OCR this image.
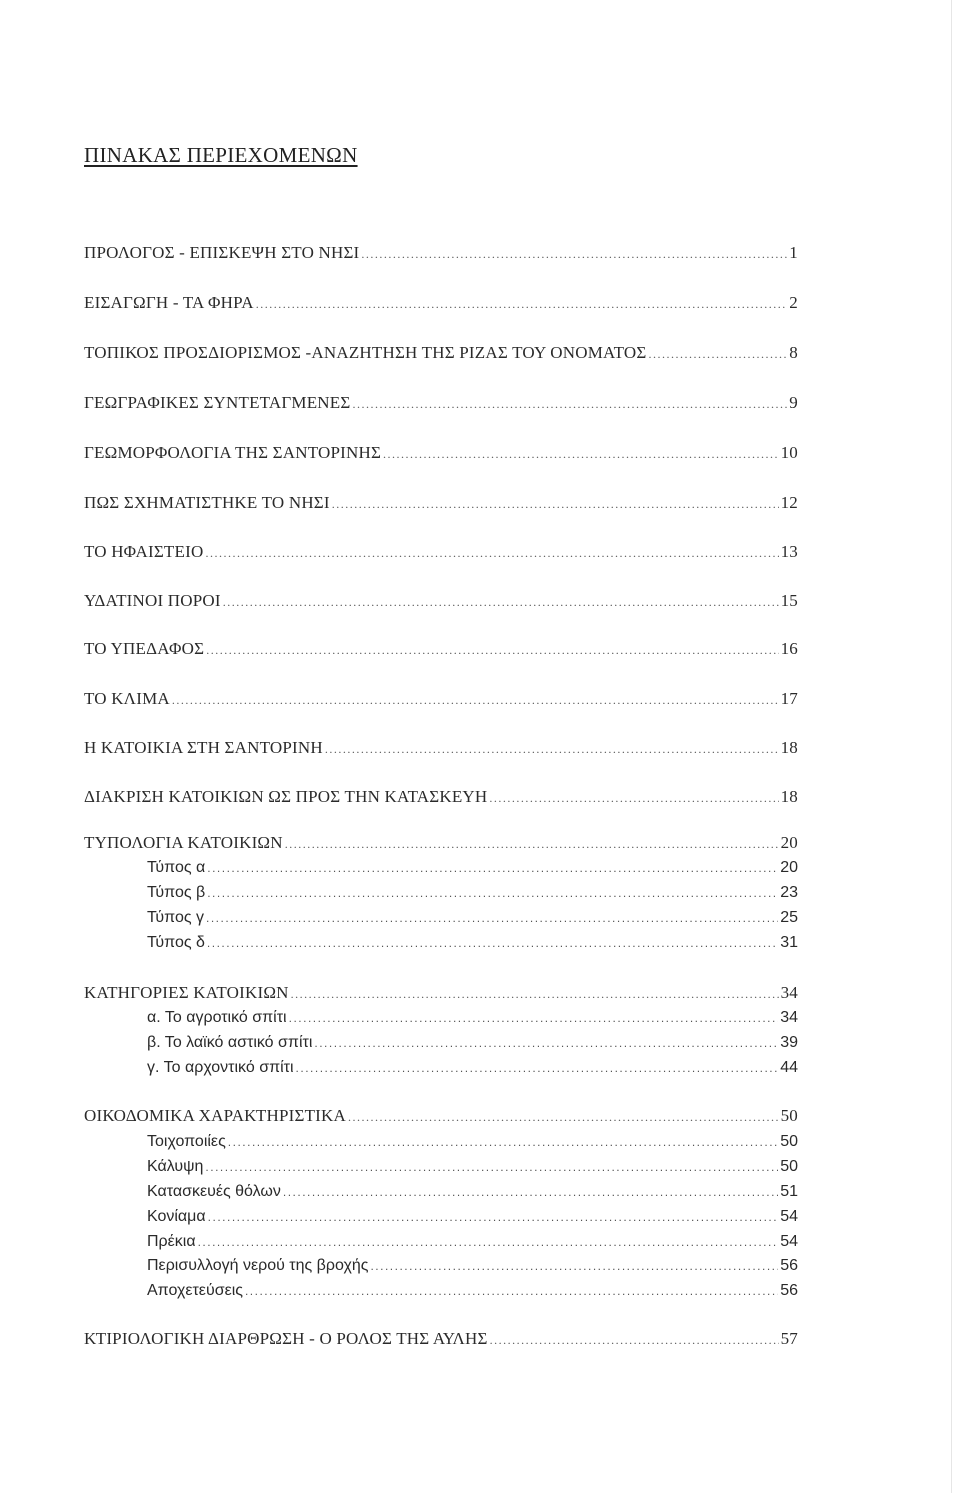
ΠΙΝΑΚΑΣ ΠΕΡΙΕΧΟΜΕΝΩΝ
ΠΡΟΛΟΓΟΣ - ΕΠΙΣΚΕΨΗ ΣΤΟ ΝΗΣΙ .....	1
ΕΙΣΑΓΩΓΗ - ΤΑ ΦΗΡΑ .....	2
ΤΟΠΙΚΟΣ ΠΡΟΣΔΙΟΡΙΣΜΟΣ -ΑΝΑΖΗΤΗΣΗ ΤΗΣ ΡΙΖΑΣ ΤΟΥ ΟΝΟΜΑΤΟΣ .....	8
ΓΕΩΓΡΑΦΙΚΕΣ ΣΥΝΤΕΤΑΓΜΕΝΕΣ .....	9
ΓΕΩΜΟΡΦΟΛΟΓΙΑ ΤΗΣ ΣΑΝΤΟΡΙΝΗΣ .....	10
ΠΩΣ ΣΧΗΜΑΤΙΣΤΗΚΕ ΤΟ ΝΗΣΙ .....	12
ΤΟ ΗΦΑΙΣΤΕΙΟ .....	13
ΥΔΑΤΙΝΟΙ ΠΟΡΟΙ .....	15
ΤΟ ΥΠΕΔΑΦΟΣ .....	16
ΤΟ ΚΛΙΜΑ .....	17
Η ΚΑΤΟΙΚΙΑ ΣΤΗ ΣΑΝΤΟΡΙΝΗ .....	18
ΔΙΑΚΡΙΣΗ ΚΑΤΟΙΚΙΩΝ ΩΣ ΠΡΟΣ ΤΗΝ ΚΑΤΑΣΚΕΥΗ .....	18
ΤΥΠΟΛΟΓΙΑ ΚΑΤΟΙΚΙΩΝ .....	20
Τύπος α .....	20
Τύπος β .....	23
Τύπος γ .....	25
Τύπος δ .....	31
ΚΑΤΗΓΟΡΙΕΣ ΚΑΤΟΙΚΙΩΝ .....	34
α. Το αγροτικό σπίτι .....	34
β. Το λαϊκό αστικό σπίτι .....	39
γ. Το αρχοντικό σπίτι .....	44
ΟΙΚΟΔΟΜΙΚΑ ΧΑΡΑΚΤΗΡΙΣΤΙΚΑ .....	50
Τοιχοποιίες .....	50
Κάλυψη .....	50
Κατασκευές θόλων .....	51
Κονίαμα .....	54
Πρέκια .....	54
Περισυλλογή νερού της βροχής .....	56
Αποχετεύσεις .....	56
ΚΤΙΡΙΟΛΟΓΙΚΗ ΔΙΑΡΘΡΩΣΗ - Ο ΡΟΛΟΣ ΤΗΣ ΑΥΛΗΣ .....	57
